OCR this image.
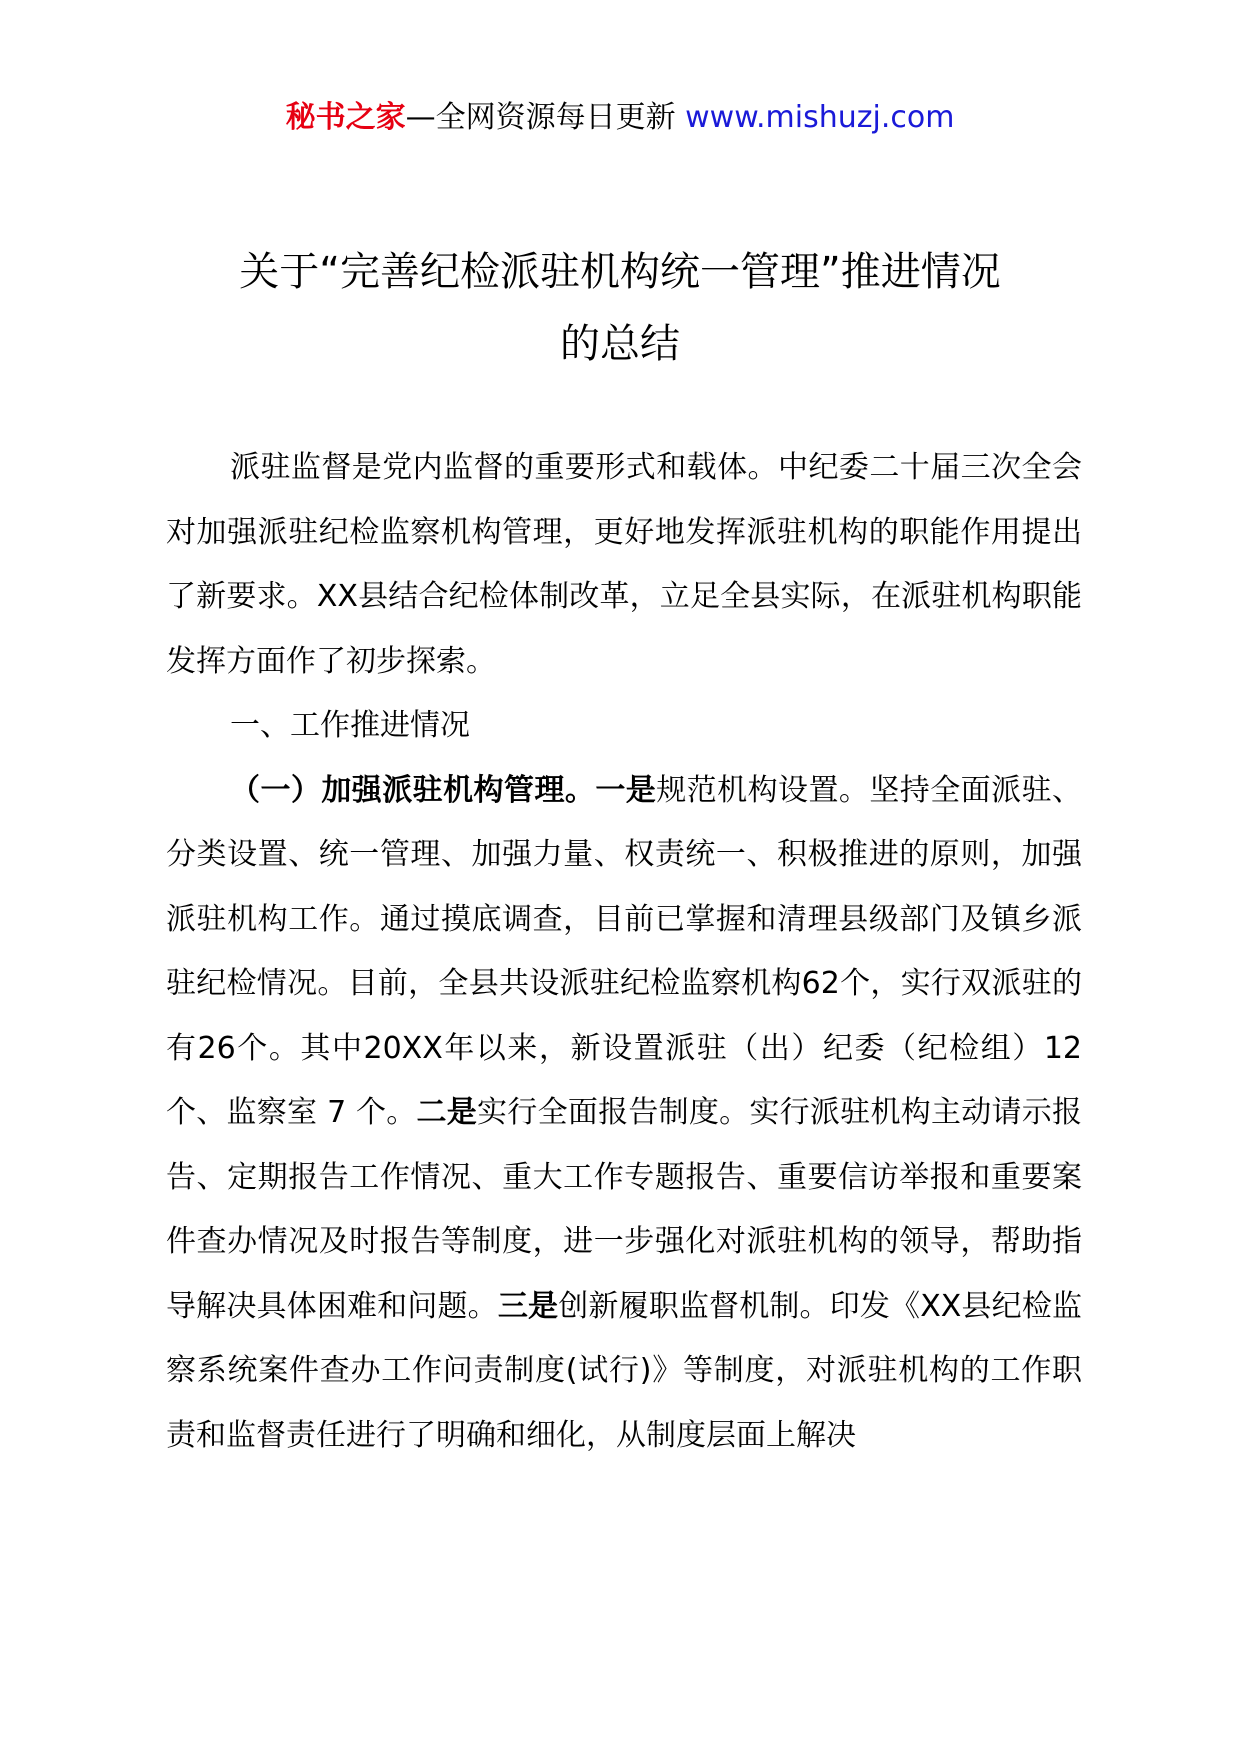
秘书之家—全网资源每日更新 www.mishuzj.com
关于“完善纪检派驻机构统一管理”推进情况
的总结

派驻监督是党内监督的重要形式和载体。中纪委二十届三次全会对加强派驻纪检监察机构管理，更好地发挥派驻机构的职能作用提出了新要求。XX县结合纪检体制改革，立足全县实际，在派驻机构职能发挥方面作了初步探索。

一、工作推进情况

（一）加强派驻机构管理。一是规范机构设置。坚持全面派驻、分类设置、统一管理、加强力量、权责统一、积极推进的原则，加强派驻机构工作。通过摸底调查，目前已掌握和清理县级部门及镇乡派驻纪检情况。目前，全县共设派驻纪检监察机构62个，实行双派驻的有26个。其中20XX年以来，新设置派驻（出）纪委（纪检组）12个、监察室 7 个。二是实行全面报告制度。实行派驻机构主动请示报告、定期报告工作情况、重大工作专题报告、重要信访举报和重要案件查办情况及时报告等制度，进一步强化对派驻机构的领导，帮助指导解决具体困难和问题。三是创新履职监督机制。印发《XX县纪检监察系统案件查办工作问责制度(试行)》等制度，对派驻机构的工作职责和监督责任进行了明确和细化，从制度层面上解决
